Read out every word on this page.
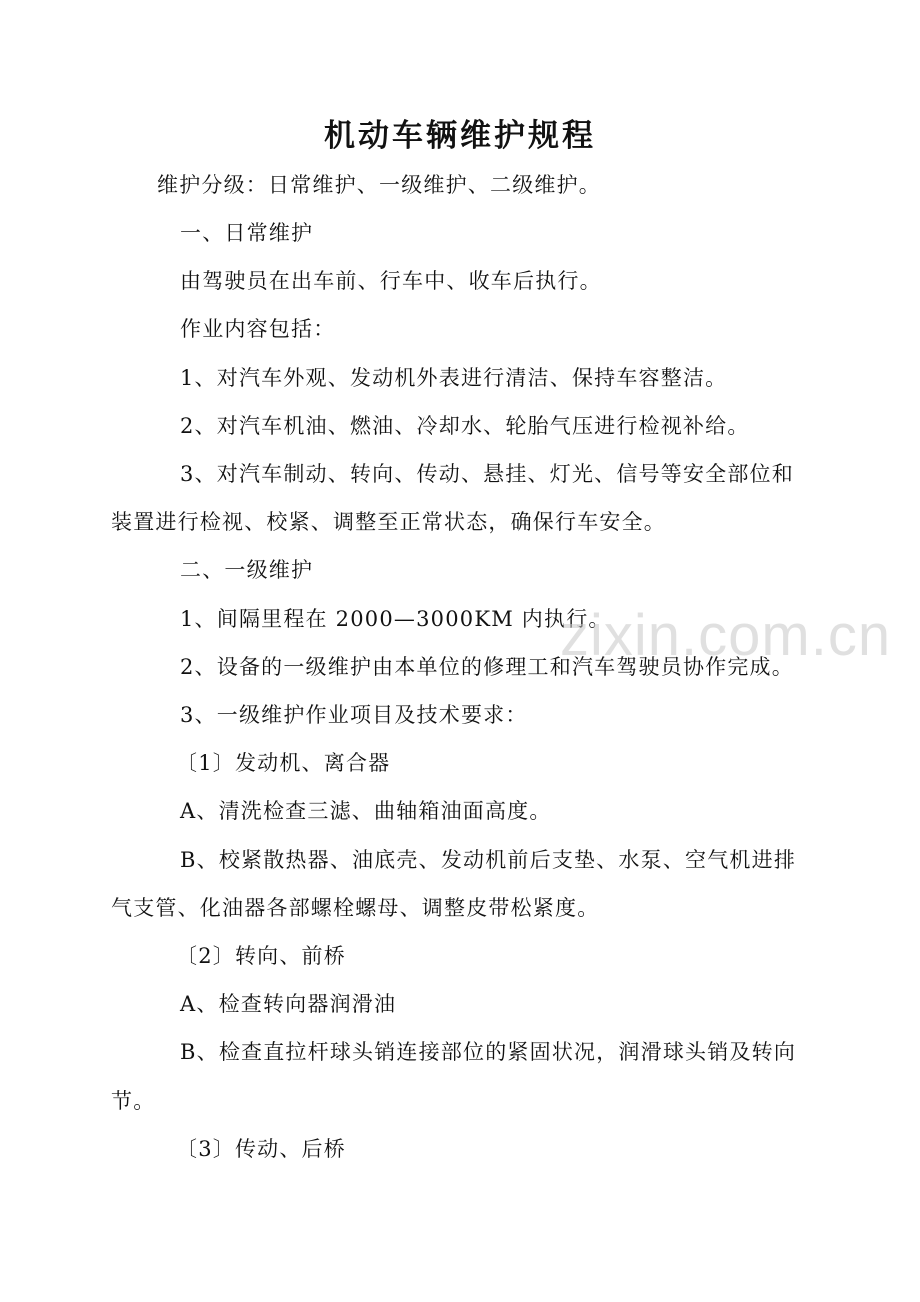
机动车辆维护规程

维护分级：日常维护、一级维护、二级维护。

一、日常维护

由驾驶员在出车前、行车中、收车后执行。

作业内容包括：

1、对汽车外观、发动机外表进行清洁、保持车容整洁。

2、对汽车机油、燃油、冷却水、轮胎气压进行检视补给。

3、对汽车制动、转向、传动、悬挂、灯光、信号等安全部位和

装置进行检视、校紧、调整至正常状态，确保行车安全。

二、一级维护

1、间隔里程在 2000—3000KM 内执行。

2、设备的一级维护由本单位的修理工和汽车驾驶员协作完成。

3、一级维护作业项目及技术要求：

〔1〕发动机、离合器

A、清洗检查三滤、曲轴箱油面高度。

B、校紧散热器、油底壳、发动机前后支垫、水泵、空气机进排

气支管、化油器各部螺栓螺母、调整皮带松紧度。

〔2〕转向、前桥

A、检查转向器润滑油

B、检查直拉杆球头销连接部位的紧固状况，润滑球头销及转向

节。

〔3〕传动、后桥

zixin.com.cn
